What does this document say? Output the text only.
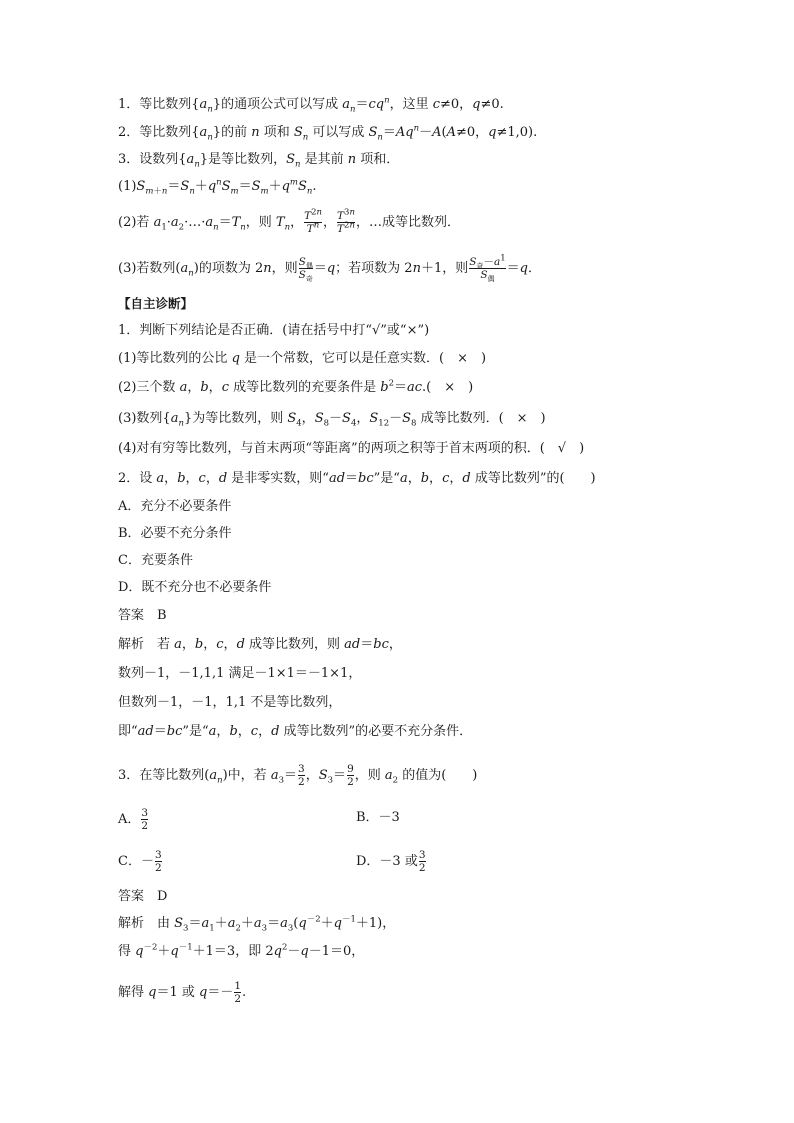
1．等比数列$\{a_n\}$的通项公式可以写成 $a_n=cq^n$，这里 c≠0，q≠0.
2．等比数列$\{a_n\}$的前 n 项和 $S_n$ 可以写成 $S_n=Aq^n-A(A\ne 0$，q≠1,0).
3．设数列$\{a_n\}$是等比数列，$S_n$ 是其前 n 项和．
$(1)S_{m+n}=S_n+q^nS_m=S_m+q^mS_n$.
(2)若 $a_1\cdot a_2\cdot\dots\cdot a_n=T_n$，则 $T_n$， $\frac{T^{2n}}{T^n}$ ， $\frac{T^{3n}}{T^{2n}}$ ，…成等比数列．
(3)若数列$(a_n)$的项数为 2n，则 $\frac{S_偶}{S_奇} =q$；若项数为 2n＋1，则 $\frac{S_奇-a^1}{S_偶} =q$．
【自主诊断】
1．判断下列结论是否正确．(请在括号中打“√”或“×”)
(1)等比数列的公比 q 是一个常数，它可以是任意实数．(　×　)
(2)三个数 a，b，c 成等比数列的充要条件是 $b^2=ac$.(　×　)
(3)数列$\{a_n\}$为等比数列，则 $S_4$，$S_8-S_4$，$S_{12}-S_8$ 成等比数列．(　×　)
(4)对有穷等比数列，与首末两项“等距离”的两项之积等于首末两项的积．(　√　)
2．设 a，b，c，d 是非零实数，则“ad＝bc”是“a，b，c，d 成等比数列”的(　　)
A．充分不必要条件
B．必要不充分条件
C．充要条件
D．既不充分也不必要条件
答案　B
解析　若 a，b，c，d 成等比数列，则 ad＝bc，
数列－1，－1,1,1 满足－1×1＝－1×1，
但数列－1，－1，1,1 不是等比数列，
即“ad＝bc”是“a，b，c，d 成等比数列”的必要不充分条件．
3．在等比数列$(a_n)$中，若 $a_3= \frac{3}{2}$ ，$S_3= \frac{9}{2}$ ，则 $a_2$ 的值为(　　)
A． $\frac{3}{2}$	B．－3
C．－ $\frac{3}{2}$	D．－3 或 $\frac{3}{2}$
答案　D
解析　由 $S_3=a_1+a_2+a_3=a_3(q^{-2}+q^{-1}+1)$，
得 $q^{-2}+q^{-1}+1=3$，即 $2q^2-q-1=0$，
解得 q＝1 或 $q=- \frac{1}{2}$ .
